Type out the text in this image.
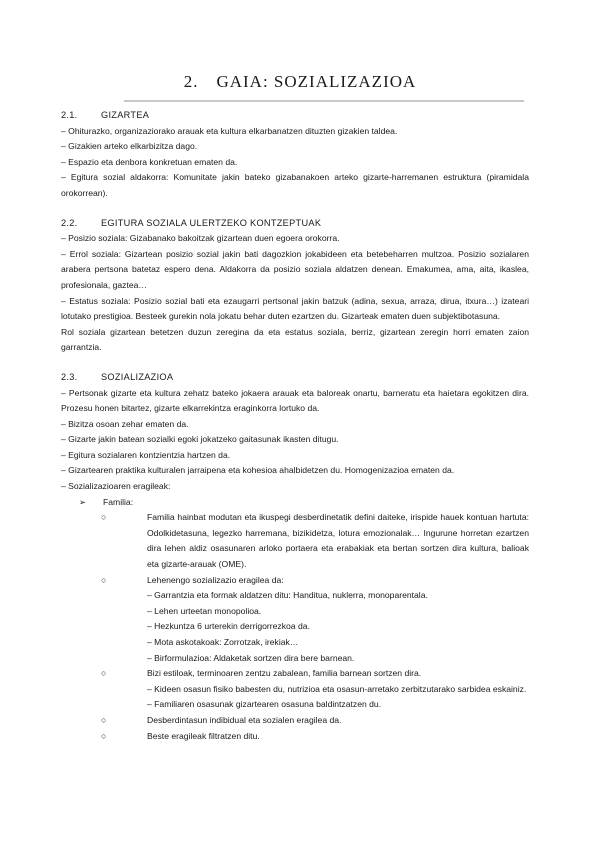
2. GAIA: SOZIALIZAZIOA
2.1.	GIZARTEA

– Ohiturazko, organizaziorako arauak eta kultura elkarbanatzen dituzten gizakien taldea.

– Gizakien arteko elkarbizitza dago.

– Espazio eta denbora konkretuan ematen da.

– Egitura sozial aldakorra: Komunitate jakin bateko gizabanakoen arteko gizarte-harremanen estruktura (piramidala orokorrean).

2.2.	EGITURA SOZIALA ULERTZEKO KONTZEPTUAK

– Posizio soziala: Gizabanako bakoitzak gizartean duen egoera orokorra.

– Errol soziala: Gizartean posizio sozial jakin bati dagozkion jokabideen eta betebeharren multzoa. Posizio sozialaren arabera pertsona batetaz espero dena. Aldakorra da posizio soziala aldatzen denean. Emakumea, ama, aita, ikaslea, profesionala, gaztea…

– Estatus soziala: Posizio sozial bati eta ezaugarri pertsonal jakin batzuk (adina, sexua, arraza, dirua, itxura…) izateari lotutako prestigioa. Besteek gurekin nola jokatu behar duten ezartzen du. Gizarteak ematen duen subjektibotasuna.

Rol soziala gizartean betetzen duzun zeregina da eta estatus soziala, berriz, gizartean zeregin horri ematen zaion garrantzia.

2.3.	SOZIALIZAZIOA

– Pertsonak gizarte eta kultura zehatz bateko jokaera arauak eta baloreak onartu, barneratu eta haietara egokitzen dira. Prozesu honen bitartez, gizarte elkarrekintza eraginkorra lortuko da.

– Bizitza osoan zehar ematen da.

– Gizarte jakin batean sozialki egoki jokatzeko gaitasunak ikasten ditugu.

– Egitura sozialaren kontzientzia hartzen da.

– Gizartearen praktika kulturalen jarraipena eta kohesioa ahalbidetzen du. Homogenizazioa ematen da.

– Sozializazioaren eragileak:

➢ Familia:

○	Familia hainbat modutan eta ikuspegi desberdinetatik defini daiteke, irispide hauek kontuan hartuta: Odolkidetasuna, legezko harremana, bizikidetza, lotura emozionalak… Ingurune horretan ezartzen dira lehen aldiz osasunaren arloko portaera eta erabakiak eta bertan sortzen dira kultura, balioak eta gizarte-arauak (OME).

○	Lehenengo sozializazio eragilea da:

– Garrantzia eta formak aldatzen ditu: Handitua, nuklerra, monoparentala.

– Lehen urteetan monopolioa.

– Hezkuntza 6 urterekin derrigorrezkoa da.

– Mota askotakoak: Zorrotzak, irekiak…

– Birformulazioa: Aldaketak sortzen dira bere barnean.

○	Bizi estiloak, terminoaren zentzu zabalean, familia barnean sortzen dira.

– Kideen osasun fisiko babesten du, nutrizioa eta osasun-arretako zerbitzutarako sarbidea eskainiz.

– Familiaren osasunak gizartearen osasuna baldintzatzen du.

○	Desberdintasun indibidual eta sozialen eragilea da.

○	Beste eragileak filtratzen ditu.
